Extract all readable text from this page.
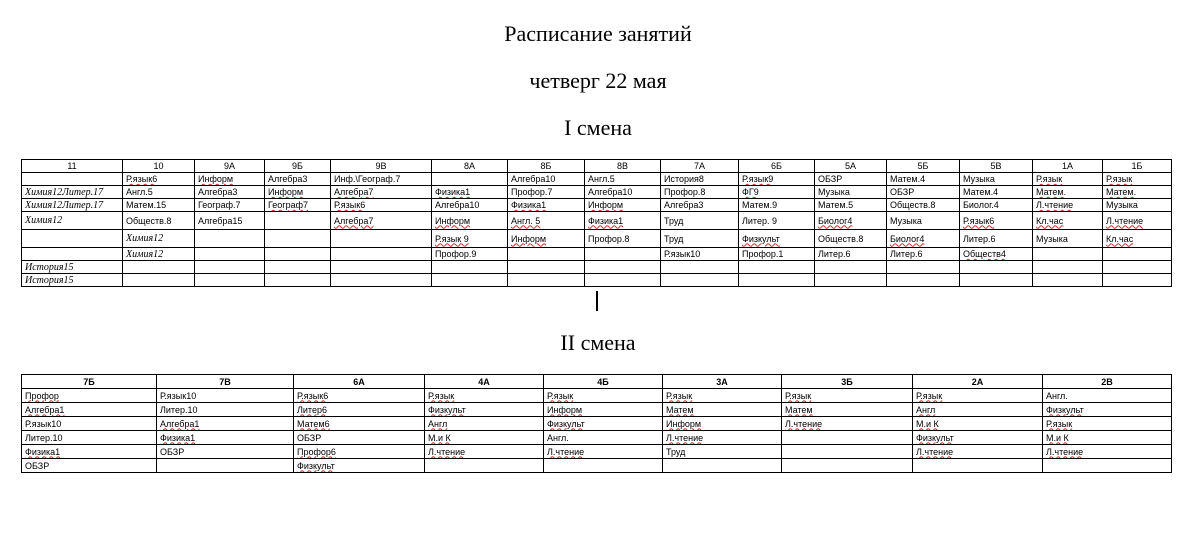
Расписание занятий
четверг 22 мая
I смена
11	10	9А	9Б	9В	8А	8Б	8В	7А	6Б	5А	5Б	5В	1А	1Б
	Р.язык6	Информ	Алгебра3	Инф.\Географ.7		Алгебра10	Англ.5	История8	Р.язык9	ОБЗР	Матем.4	Музыка	Р.язык	Р.язык
Химия12Литер.17	Англ.5	Алгебра3	Информ	Алгебра7	Физика1	Профор.7	Алгебра10	Профор.8	ФГ9	Музыка	ОБЗР	Матем.4	Матем.	Матем.
Химия12Литер.17	Матем.15	Географ.7	Географ7	Р.язык6	Алгебра10	Физика1	Информ	Алгебра3	Матем.9	Матем.5	Обществ.8	Биолог.4	Л.чтение	Музыка
Химия12	Обществ.8	Алгебра15		Алгебра7	Информ	Англ. 5	Физика1	Труд	Литер. 9	Биолог4	Музыка	Р.язык6	Кл.час	Л.чтение
	Химия12				Р.язык 9	Информ	Профор.8	Труд	Физкульт	Обществ.8	Биолог4	Литер.6	Музыка	Кл.час
	Химия12				Профор.9			Р.язык10	Профор.1	Литер.6	Литер.6	Обществ4		
История15														
История15														
II смена
7Б	7В	6А	4А	4Б	3А	3Б	2А	2В
Профор	Р.язык10	Р.язык6	Р.язык	Р.язык	Р.язык	Р.язык	Р.язык	Англ.
Алгебра1	Литер.10	Литер6	Физкульт	Информ	Матем	Матем	Англ	Физкульт
Р.язык10	Алгебра1	Матем6	Англ	Физкульт	Информ	Л.чтение	М.и К	Р.язык
Литер.10	Физика1	ОБЗР	М.и К	Англ.	Л.чтение		Физкульт	М.и К
Физика1	ОБЗР	Профор6	Л.чтение	Л.чтение	Труд		Л.чтение	Л.чтение
ОБЗР		Физкульт						
